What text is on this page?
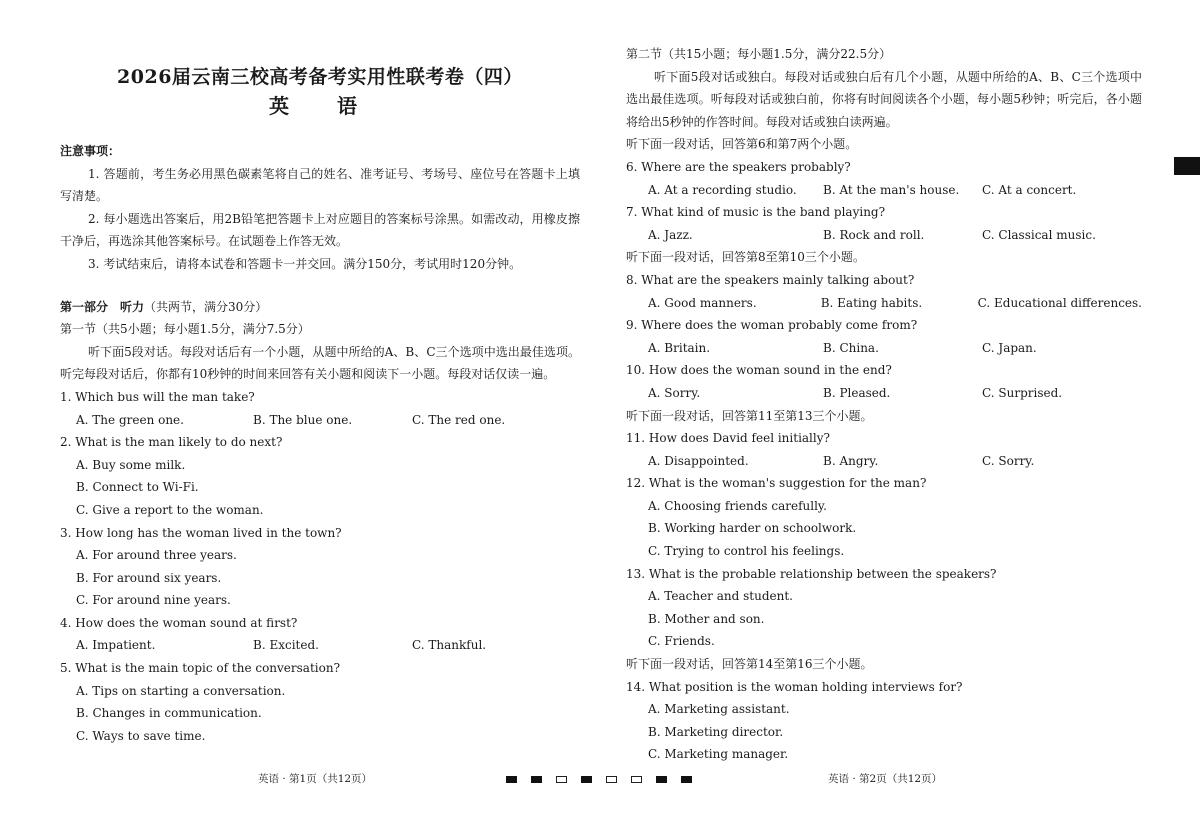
2026届云南三校高考备考实用性联考卷（四）
英　语
注意事项：
1. 答题前，考生务必用黑色碳素笔将自己的姓名、准考证号、考场号、座位号在答题卡上填写清楚。
2. 每小题选出答案后，用2B铅笔把答题卡上对应题目的答案标号涂黑。如需改动，用橡皮擦干净后，再选涂其他答案标号。在试题卷上作答无效。
3. 考试结束后，请将本试卷和答题卡一并交回。满分150分，考试用时120分钟。
第一部分　听力（共两节，满分30分）
第一节（共5小题；每小题1.5分，满分7.5分）
听下面5段对话。每段对话后有一个小题，从题中所给的A、B、C三个选项中选出最佳选项。听完每段对话后，你都有10秒钟的时间来回答有关小题和阅读下一小题。每段对话仅读一遍。
1. Which bus will the man take?
A. The green one.	B. The blue one.	C. The red one.
2. What is the man likely to do next?
A. Buy some milk.
B. Connect to Wi-Fi.
C. Give a report to the woman.
3. How long has the woman lived in the town?
A. For around three years.
B. For around six years.
C. For around nine years.
4. How does the woman sound at first?
A. Impatient.	B. Excited.	C. Thankful.
5. What is the main topic of the conversation?
A. Tips on starting a conversation.
B. Changes in communication.
C. Ways to save time.
英语 · 第1页（共12页）
第二节（共15小题；每小题1.5分，满分22.5分）
听下面5段对话或独白。每段对话或独白后有几个小题，从题中所给的A、B、C三个选项中选出最佳选项。听每段对话或独白前，你将有时间阅读各个小题，每小题5秒钟；听完后，各小题将给出5秒钟的作答时间。每段对话或独白读两遍。
听下面一段对话，回答第6和第7两个小题。
6. Where are the speakers probably?
A. At a recording studio.	B. At the man's house.	C. At a concert.
7. What kind of music is the band playing?
A. Jazz.	B. Rock and roll.	C. Classical music.
听下面一段对话，回答第8至第10三个小题。
8. What are the speakers mainly talking about?
A. Good manners.	B. Eating habits.	C. Educational differences.
9. Where does the woman probably come from?
A. Britain.	B. China.	C. Japan.
10. How does the woman sound in the end?
A. Sorry.	B. Pleased.	C. Surprised.
听下面一段对话，回答第11至第13三个小题。
11. How does David feel initially?
A. Disappointed.	B. Angry.	C. Sorry.
12. What is the woman's suggestion for the man?
A. Choosing friends carefully.
B. Working harder on schoolwork.
C. Trying to control his feelings.
13. What is the probable relationship between the speakers?
A. Teacher and student.
B. Mother and son.
C. Friends.
听下面一段对话，回答第14至第16三个小题。
14. What position is the woman holding interviews for?
A. Marketing assistant.
B. Marketing director.
C. Marketing manager.
英语 · 第2页（共12页）
